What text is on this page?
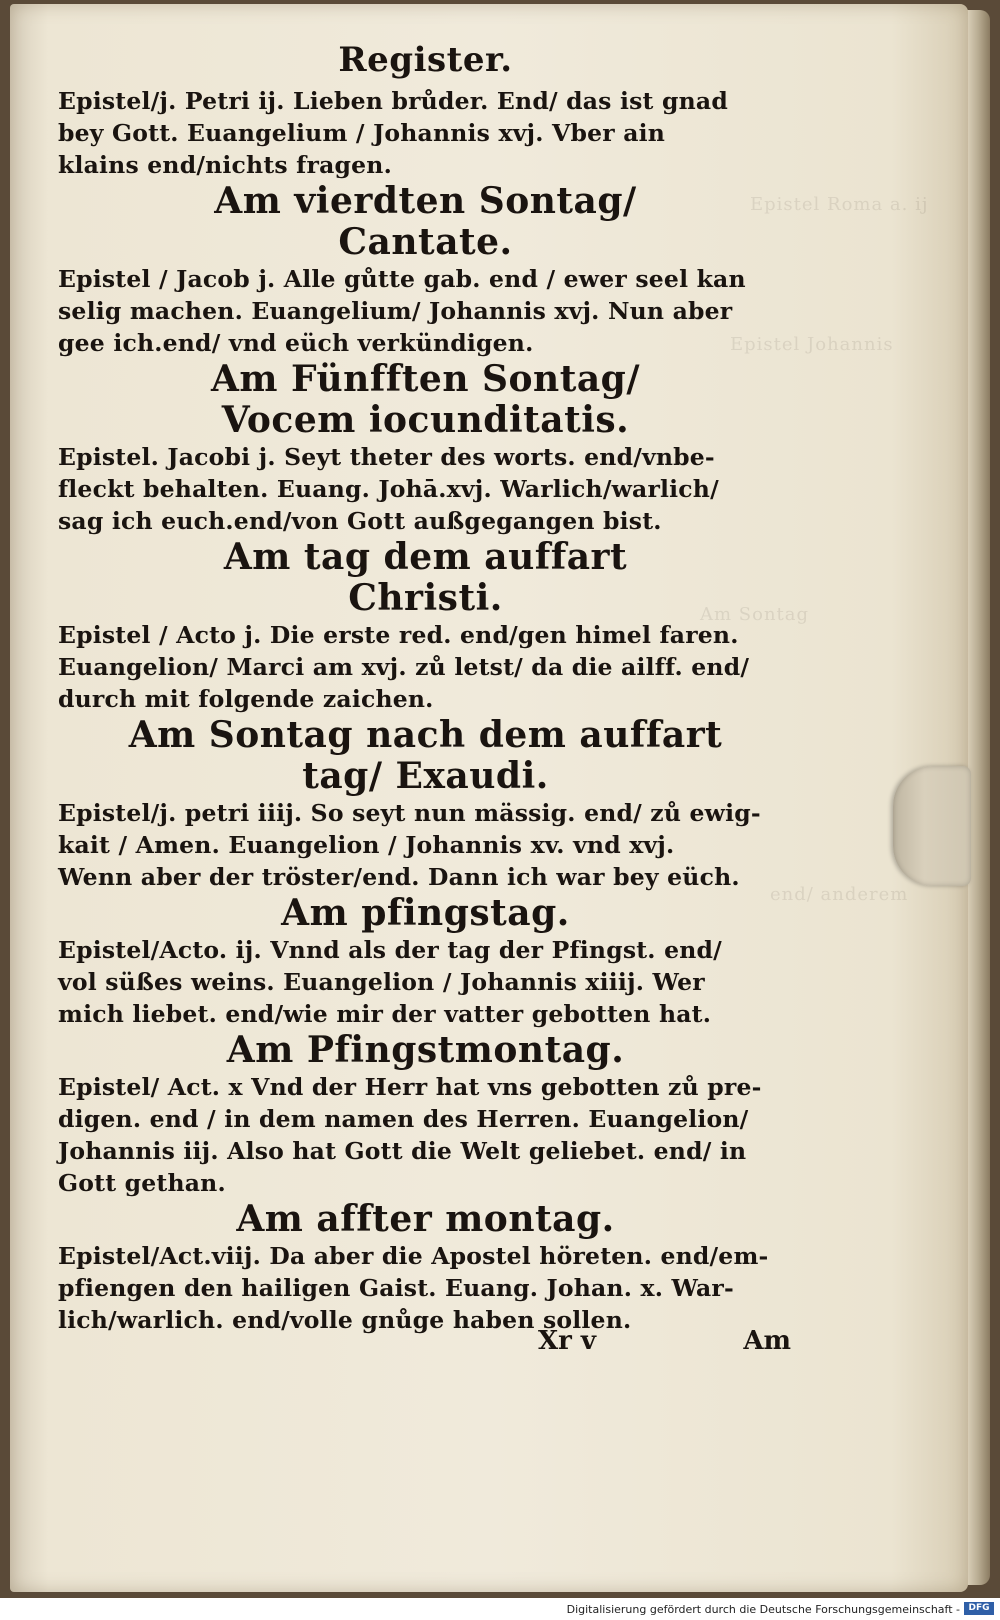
Epistel Roma a. ij
Epistel Johannis
Am Sontag
end/ anderem
Register.

Epistel/j. Petri ij. Lieben brůder. End/ das ist gnad
bey Gott. Euangelium / Johannis xvj. Vber ain
klains end/nichts fragen.

Am vierdten Sontag/
Cantate.

Epistel / Jacob j. Alle gůtte gab. end / ewer seel kan
selig machen. Euangelium/ Johannis xvj. Nun aber
gee ich.end/ vnd eüch verkündigen.

Am Fünfften Sontag/
Vocem iocunditatis.

Epistel. Jacobi j. Seyt theter des worts. end/vnbe-
fleckt behalten. Euang. Johā.xvj. Warlich/warlich/
sag ich euch.end/von Gott außgegangen bist.

Am tag dem auffart
Christi.

Epistel / Acto j. Die erste red. end/gen himel faren.
Euangelion/ Marci am xvj. zů letst/ da die ailff. end/
durch mit folgende zaichen.

Am Sontag nach dem auffart
tag/ Exaudi.

Epistel/j. petri iiij. So seyt nun mässig. end/ zů ewig-
kait / Amen. Euangelion / Johannis xv. vnd xvj.
Wenn aber der tröster/end. Dann ich war bey eüch.

Am pfingstag.

Epistel/Acto. ij. Vnnd als der tag der Pfingst. end/
vol süßes weins. Euangelion / Johannis xiiij. Wer
mich liebet. end/wie mir der vatter gebotten hat.

Am Pfingstmontag.

Epistel/ Act. x Vnd der Herr hat vns gebotten zů pre-
digen. end / in dem namen des Herren. Euangelion/
Johannis iij. Also hat Gott die Welt geliebet. end/ in
Gott gethan.

Am affter montag.

Epistel/Act.viij. Da aber die Apostel höreten. end/em-
pfiengen den hailigen Gaist. Euang. Johan. x. War-
lich/warlich. end/volle gnůge haben sollen.

Xr v	Am
Digitalisierung gefördert durch die Deutsche Forschungsgemeinschaft - DFG
